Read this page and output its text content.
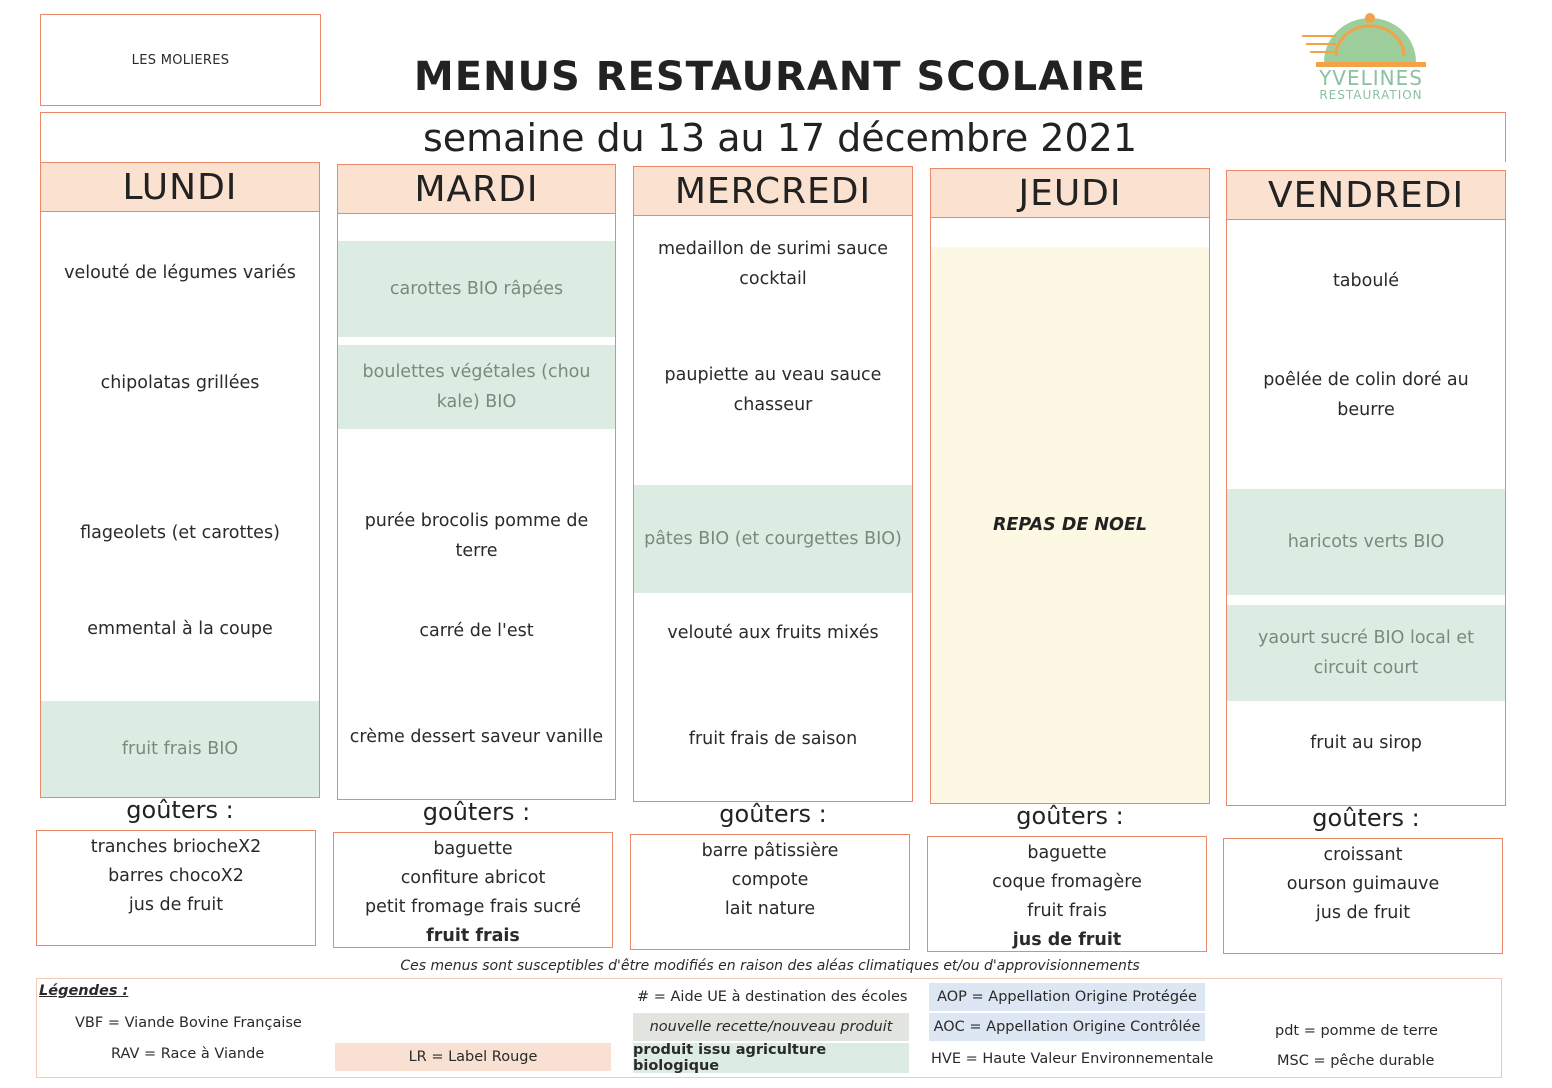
LES MOLIERES	MENUS RESTAURANT SCOLAIRE	YVELINES
RESTAURATION
semaine du 13 au 17 décembre 2021
LUNDI
velouté de légumes variés
chipolatas grillées
flageolets (et carottes)
emmental à la coupe
fruit frais BIO
goûters :
tranches briocheX2
barres chocoX2
jus de fruit
MARDI
carottes BIO râpées
boulettes végétales (chou kale) BIO
purée brocolis pomme de terre
carré de l'est
crème dessert saveur vanille
goûters :
baguette
confiture abricot
petit fromage frais sucré
fruit frais
MERCREDI
medaillon de surimi sauce cocktail
paupiette au veau sauce chasseur
pâtes BIO (et courgettes BIO)
velouté aux fruits mixés
fruit frais de saison
goûters :
barre pâtissière
compote
lait nature
JEUDI
REPAS DE NOEL
goûters :
baguette
coque fromagère
fruit frais
jus de fruit
VENDREDI
taboulé
poêlée de colin doré au beurre
haricots verts BIO
yaourt sucré BIO local et circuit court
fruit au sirop
goûters :
croissant
ourson guimauve
jus de fruit
Ces menus sont susceptibles d'être modifiés en raison des aléas climatiques et/ou d'approvisionnements
Légendes :
VBF = Viande Bovine Française
RAV = Race à Viande	LR = Label Rouge
# = Aide UE à destination des écoles
nouvelle recette/nouveau produit
produit issu agriculture biologique
AOP = Appellation Origine Protégée
AOC = Appellation Origine Contrôlée
HVE = Haute Valeur Environnementale
pdt = pomme de terre
MSC = pêche durable
